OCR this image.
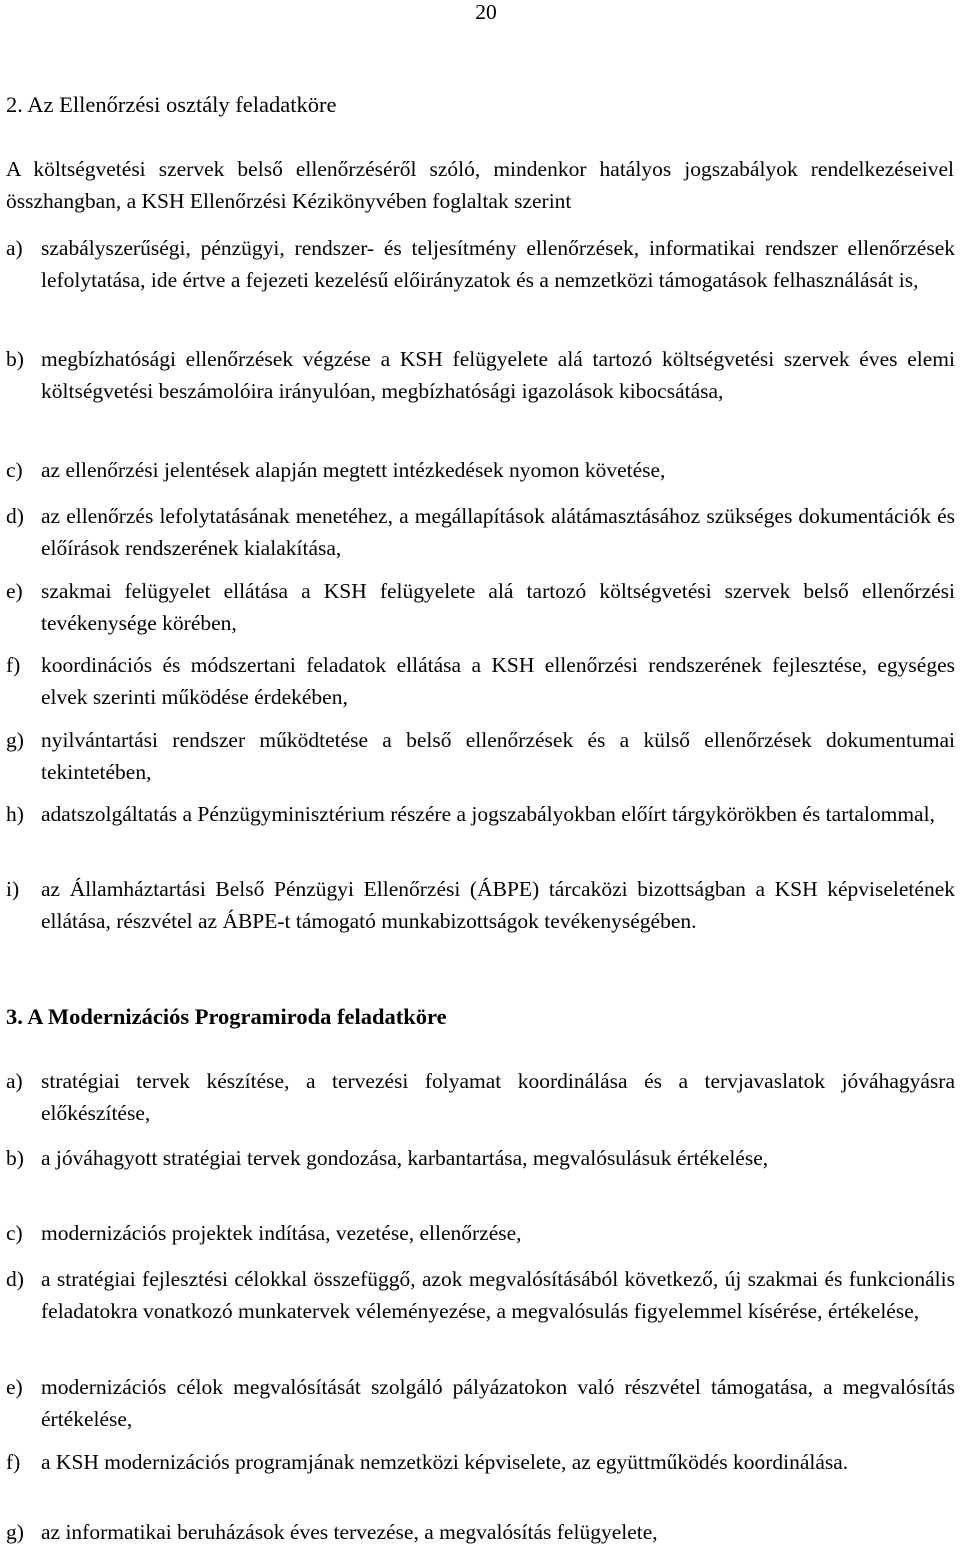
20
2. Az Ellenőrzési osztály feladatköre

A költségvetési szervek belső ellenőrzéséről szóló, mindenkor hatályos jogszabályok rendelkezéseivel összhangban, a KSH Ellenőrzési Kézikönyvében foglaltak szerint

a) szabályszerűségi, pénzügyi, rendszer- és teljesítmény ellenőrzések, informatikai rendszer ellenőrzések lefolytatása, ide értve a fejezeti kezelésű előirányzatok és a nemzetközi támogatások felhasználását is,
b) megbízhatósági ellenőrzések végzése a KSH felügyelete alá tartozó költségvetési szervek éves elemi költségvetési beszámolóira irányulóan, megbízhatósági igazolások kibocsátása,
c) az ellenőrzési jelentések alapján megtett intézkedések nyomon követése,
d) az ellenőrzés lefolytatásának menetéhez, a megállapítások alátámasztásához szükséges dokumentációk és előírások rendszerének kialakítása,
e) szakmai felügyelet ellátása a KSH felügyelete alá tartozó költségvetési szervek belső ellenőrzési tevékenysége körében,
f) koordinációs és módszertani feladatok ellátása a KSH ellenőrzési rendszerének fejlesztése, egységes elvek szerinti működése érdekében,
g) nyilvántartási rendszer működtetése a belső ellenőrzések és a külső ellenőrzések dokumentumai tekintetében,
h) adatszolgáltatás a Pénzügyminisztérium részére a jogszabályokban előírt tárgykörökben és tartalommal,
i) az Államháztartási Belső Pénzügyi Ellenőrzési (ÁBPE) tárcaközi bizottságban a KSH képviseletének ellátása, részvétel az ÁBPE-t támogató munkabizottságok tevékenységében.
3. A Modernizációs Programiroda feladatköre
a) stratégiai tervek készítése, a tervezési folyamat koordinálása és a tervjavaslatok jóváhagyásra előkészítése,
b) a jóváhagyott stratégiai tervek gondozása, karbantartása, megvalósulásuk értékelése,
c) modernizációs projektek indítása, vezetése, ellenőrzése,
d) a stratégiai fejlesztési célokkal összefüggő, azok megvalósításából következő, új szakmai és funkcionális feladatokra vonatkozó munkatervek véleményezése, a megvalósulás figyelemmel kísérése, értékelése,
e) modernizációs célok megvalósítását szolgáló pályázatokon való részvétel támogatása, a megvalósítás értékelése,
f) a KSH modernizációs programjának nemzetközi képviselete, az együttműködés koordinálása.
g) az informatikai beruházások éves tervezése, a megvalósítás felügyelete,
